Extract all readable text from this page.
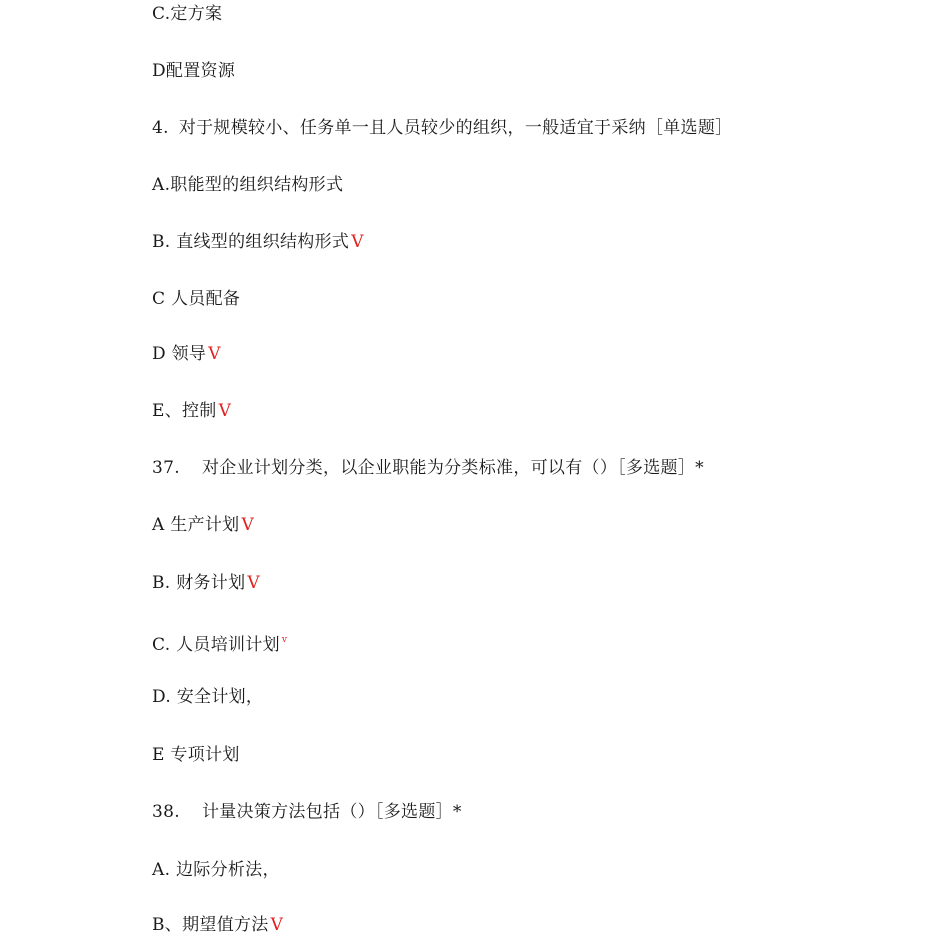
C.定方案
D配置资源
4. 对于规模较小、任务单一且人员较少的组织，一般适宜于采纳［单选题］
A.职能型的组织结构形式
B. 直线型的组织结构形式 V
C 人员配备
D 领导 V
E、控制 V
37. 对企业计划分类，以企业职能为分类标准，可以有（）［多选题］*
A 生产计划 V
B. 财务计划 V
C. 人员培训计划 $^v$
D. 安全计划，
E 专项计划
38. 计量决策方法包括（）［多选题］*
A. 边际分析法，
B、期望值方法 V
